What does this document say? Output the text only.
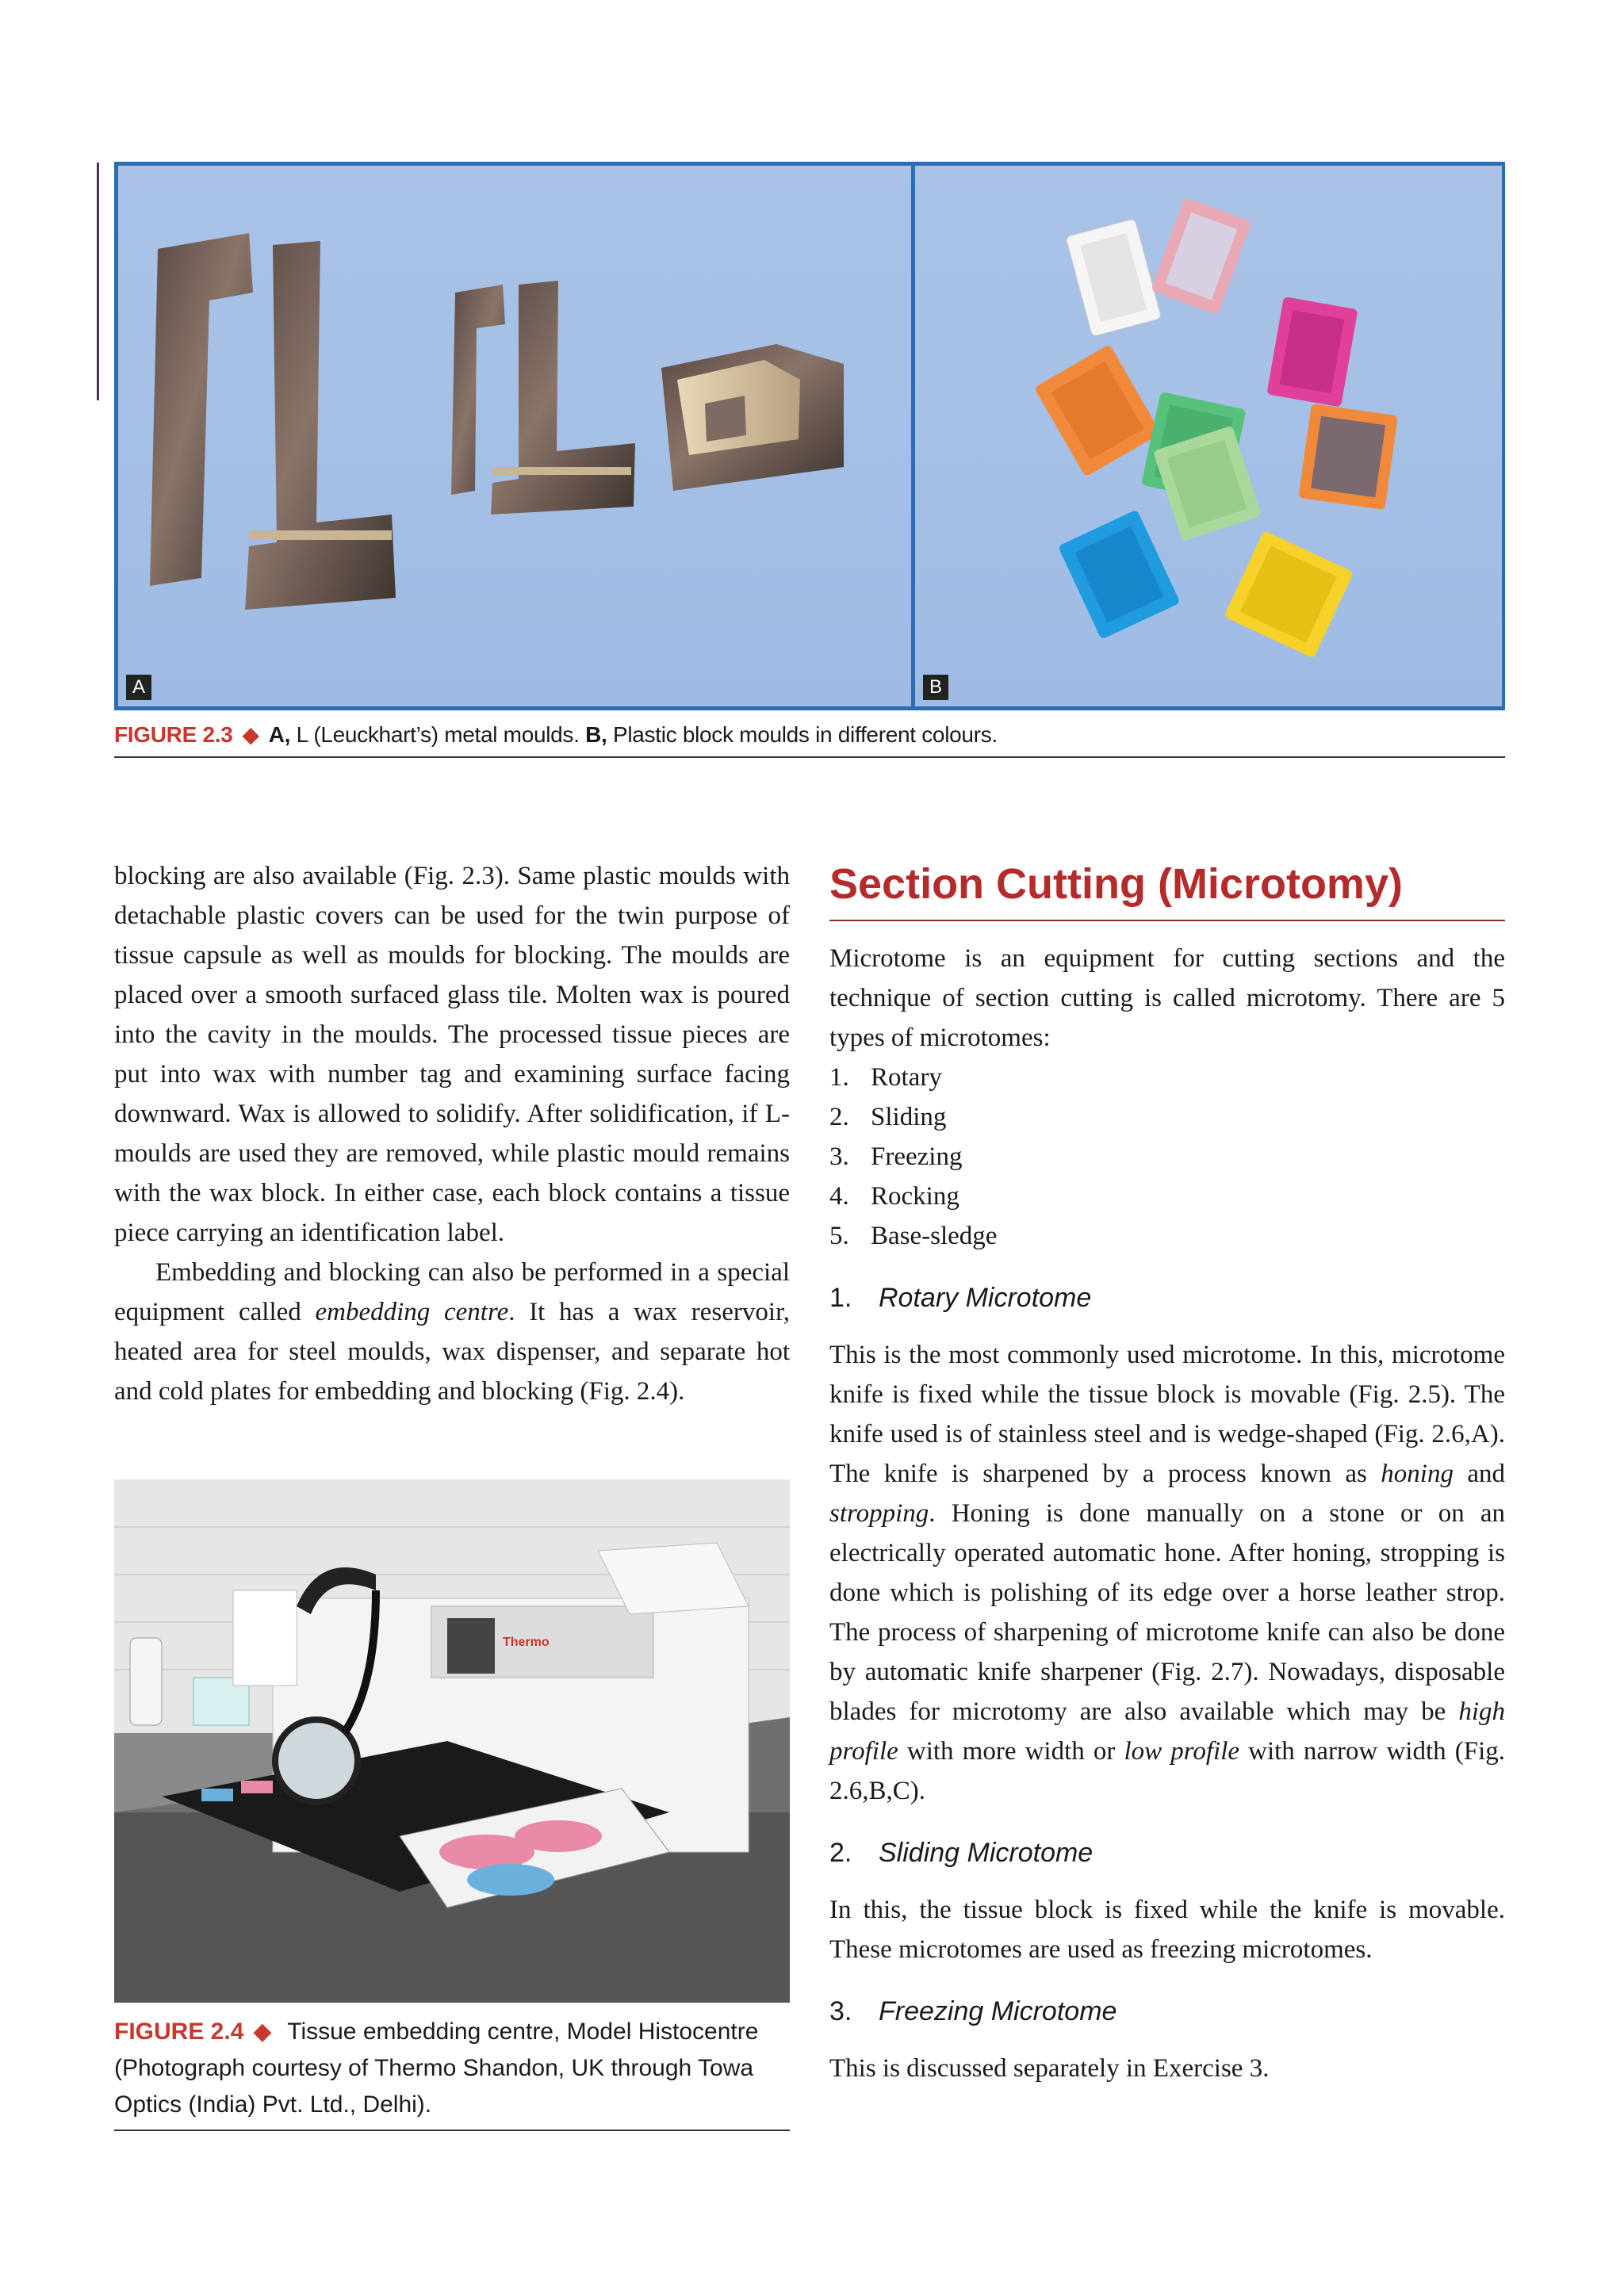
A	B
FIGURE 2.3 ◆ A, L (Leuckhart’s) metal moulds. B, Plastic block moulds in different colours.

blocking are also available (Fig. 2.3). Same plastic moulds with detachable plastic covers can be used for the twin purpose of tissue capsule as well as moulds for blocking. The moulds are placed over a smooth surfaced glass tile. Molten wax is poured into the cavity in the moulds. The processed tissue pieces are put into wax with number tag and examining surface facing downward. Wax is allowed to solidify. After solidification, if L-moulds are used they are removed, while plastic mould remains with the wax block. In either case, each block contains a tissue piece carrying an identification label.

Embedding and blocking can also be performed in a special equipment called embedding centre. It has a wax reservoir, heated area for steel moulds, wax dispenser, and separate hot and cold plates for embedding and blocking (Fig. 2.4).

Thermo
FIGURE 2.4 ◆ Tissue embedding centre, Model Histocentre (Photograph courtesy of Thermo Shandon, UK through Towa Optics (India) Pvt. Ltd., Delhi).
Section Cutting (Microtomy)

Microtome is an equipment for cutting sections and the technique of section cutting is called microtomy. There are 5 types of microtomes:

1. Rotary
2. Sliding
3. Freezing
4. Rocking
5. Base-sledge
1. Rotary Microtome

This is the most commonly used microtome. In this, microtome knife is fixed while the tissue block is movable (Fig. 2.5). The knife used is of stainless steel and is wedge-shaped (Fig. 2.6,A). The knife is sharpened by a process known as honing and stropping. Honing is done manually on a stone or on an electrically operated automatic hone. After honing, stropping is done which is polishing of its edge over a horse leather strop. The process of sharpening of microtome knife can also be done by automatic knife sharpener (Fig. 2.7). Nowadays, disposable blades for microtomy are also available which may be high profile with more width or low profile with narrow width (Fig. 2.6,B,C).

2. Sliding Microtome

In this, the tissue block is fixed while the knife is movable. These microtomes are used as freezing microtomes.

3. Freezing Microtome

This is discussed separately in Exercise 3.
